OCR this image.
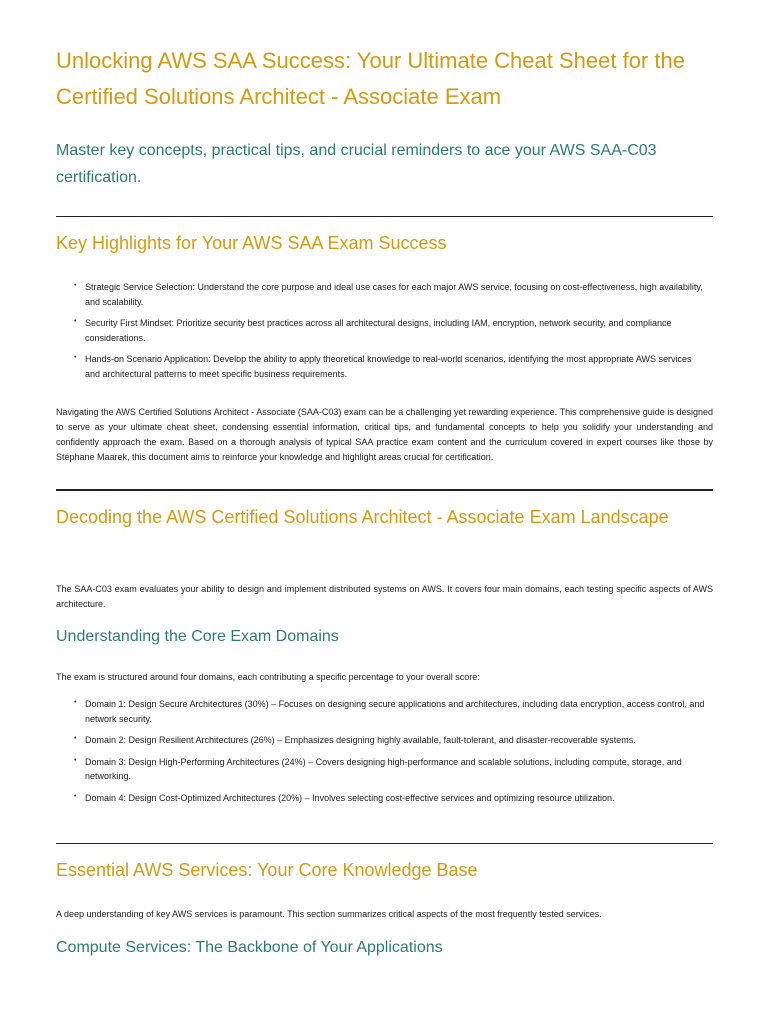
Unlocking AWS SAA Success: Your Ultimate Cheat Sheet for the Certified Solutions Architect - Associate Exam

Master key concepts, practical tips, and crucial reminders to ace your AWS SAA-C03 certification.

Key Highlights for Your AWS SAA Exam Success
• Strategic Service Selection: Understand the core purpose and ideal use cases for each major AWS service, focusing on cost-effectiveness, high availability, and scalability.
• Security First Mindset: Prioritize security best practices across all architectural designs, including IAM, encryption, network security, and compliance considerations.
• Hands-on Scenario Application: Develop the ability to apply theoretical knowledge to real-world scenarios, identifying the most appropriate AWS services and architectural patterns to meet specific business requirements.

Navigating the AWS Certified Solutions Architect - Associate (SAA-C03) exam can be a challenging yet rewarding experience. This comprehensive guide is designed to serve as your ultimate cheat sheet, condensing essential information, critical tips, and fundamental concepts to help you solidify your understanding and confidently approach the exam. Based on a thorough analysis of typical SAA practice exam content and the curriculum covered in expert courses like those by Stéphane Maarek, this document aims to reinforce your knowledge and highlight areas crucial for certification.

Decoding the AWS Certified Solutions Architect - Associate Exam Landscape

The SAA-C03 exam evaluates your ability to design and implement distributed systems on AWS. It covers four main domains, each testing specific aspects of AWS architecture.

Understanding the Core Exam Domains

The exam is structured around four domains, each contributing a specific percentage to your overall score:

• Domain 1: Design Secure Architectures (30%) – Focuses on designing secure applications and architectures, including data encryption, access control, and network security.
• Domain 2: Design Resilient Architectures (26%) – Emphasizes designing highly available, fault-tolerant, and disaster-recoverable systems.
• Domain 3: Design High-Performing Architectures (24%) – Covers designing high-performance and scalable solutions, including compute, storage, and networking.
• Domain 4: Design Cost-Optimized Architectures (20%) – Involves selecting cost-effective services and optimizing resource utilization.
Essential AWS Services: Your Core Knowledge Base

A deep understanding of key AWS services is paramount. This section summarizes critical aspects of the most frequently tested services.

Compute Services: The Backbone of Your Applications
